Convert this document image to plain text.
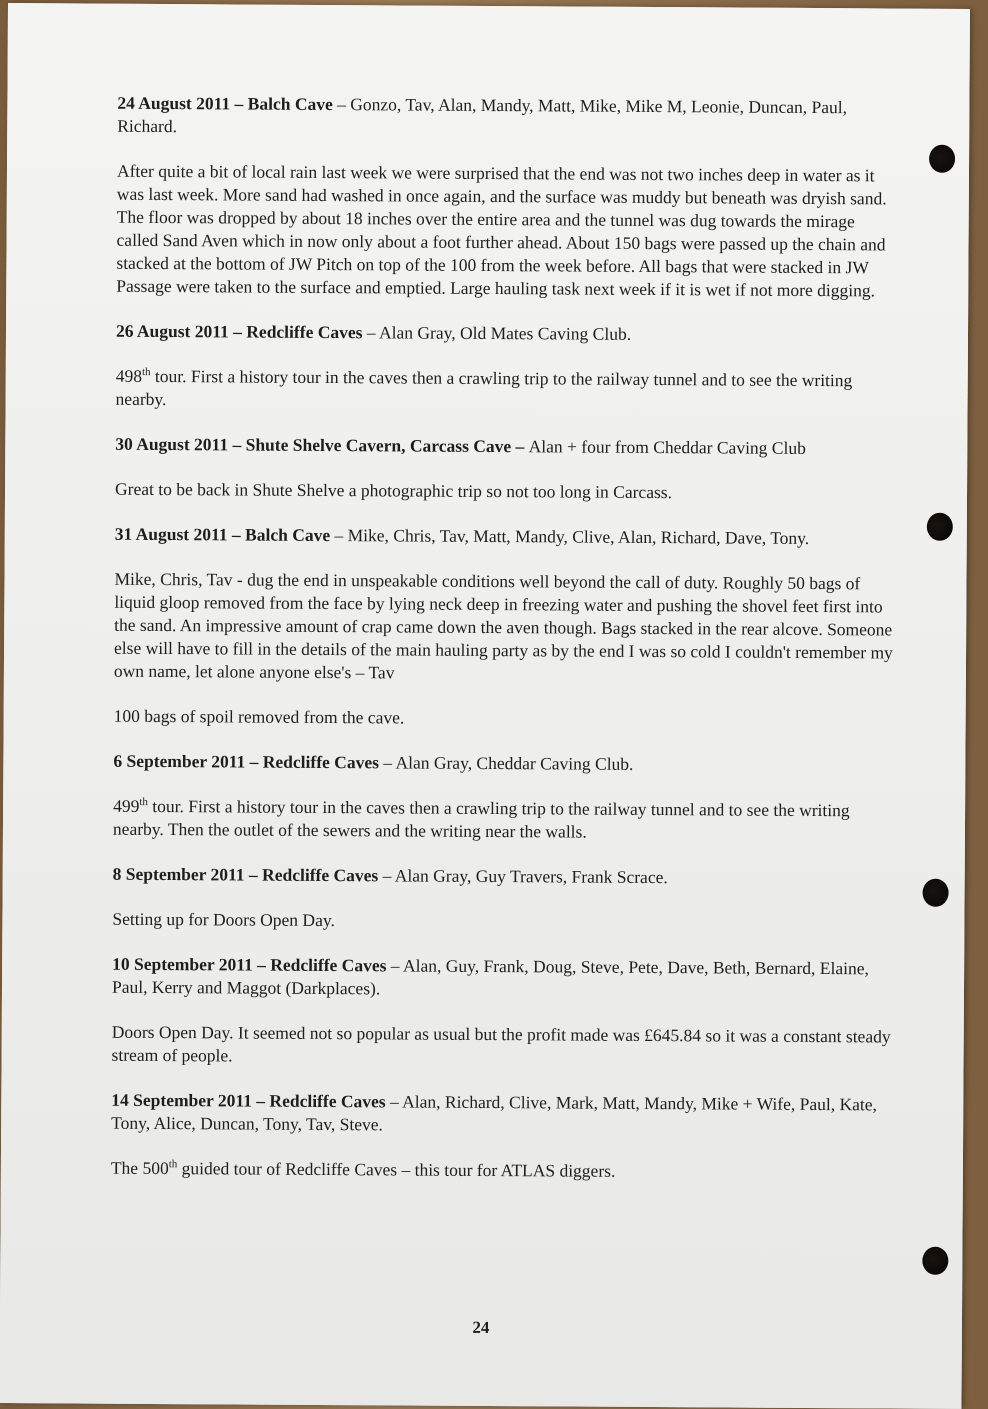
24 August 2011 – Balch Cave – Gonzo, Tav, Alan, Mandy, Matt, Mike, Mike M, Leonie, Duncan, Paul, Richard.

After quite a bit of local rain last week we were surprised that the end was not two inches deep in water as it was last week. More sand had washed in once again, and the surface was muddy but beneath was dryish sand. The floor was dropped by about 18 inches over the entire area and the tunnel was dug towards the mirage called Sand Aven which in now only about a foot further ahead. About 150 bags were passed up the chain and stacked at the bottom of JW Pitch on top of the 100 from the week before. All bags that were stacked in JW Passage were taken to the surface and emptied. Large hauling task next week if it is wet if not more digging.

26 August 2011 – Redcliffe Caves – Alan Gray, Old Mates Caving Club.

498th tour. First a history tour in the caves then a crawling trip to the railway tunnel and to see the writing nearby.

30 August 2011 – Shute Shelve Cavern, Carcass Cave – Alan + four from Cheddar Caving Club

Great to be back in Shute Shelve a photographic trip so not too long in Carcass.

31 August 2011 – Balch Cave – Mike, Chris, Tav, Matt, Mandy, Clive, Alan, Richard, Dave, Tony.

Mike, Chris, Tav - dug the end in unspeakable conditions well beyond the call of duty. Roughly 50 bags of liquid gloop removed from the face by lying neck deep in freezing water and pushing the shovel feet first into the sand. An impressive amount of crap came down the aven though. Bags stacked in the rear alcove. Someone else will have to fill in the details of the main hauling party as by the end I was so cold I couldn't remember my own name, let alone anyone else's – Tav

100 bags of spoil removed from the cave.

6 September 2011 – Redcliffe Caves – Alan Gray, Cheddar Caving Club.

499th tour. First a history tour in the caves then a crawling trip to the railway tunnel and to see the writing nearby. Then the outlet of the sewers and the writing near the walls.

8 September 2011 – Redcliffe Caves – Alan Gray, Guy Travers, Frank Scrace.

Setting up for Doors Open Day.

10 September 2011 – Redcliffe Caves – Alan, Guy, Frank, Doug, Steve, Pete, Dave, Beth, Bernard, Elaine, Paul, Kerry and Maggot (Darkplaces).

Doors Open Day. It seemed not so popular as usual but the profit made was £645.84 so it was a constant steady stream of people.

14 September 2011 – Redcliffe Caves – Alan, Richard, Clive, Mark, Matt, Mandy, Mike + Wife, Paul, Kate, Tony, Alice, Duncan, Tony, Tav, Steve.

The 500th guided tour of Redcliffe Caves – this tour for ATLAS diggers.

24
